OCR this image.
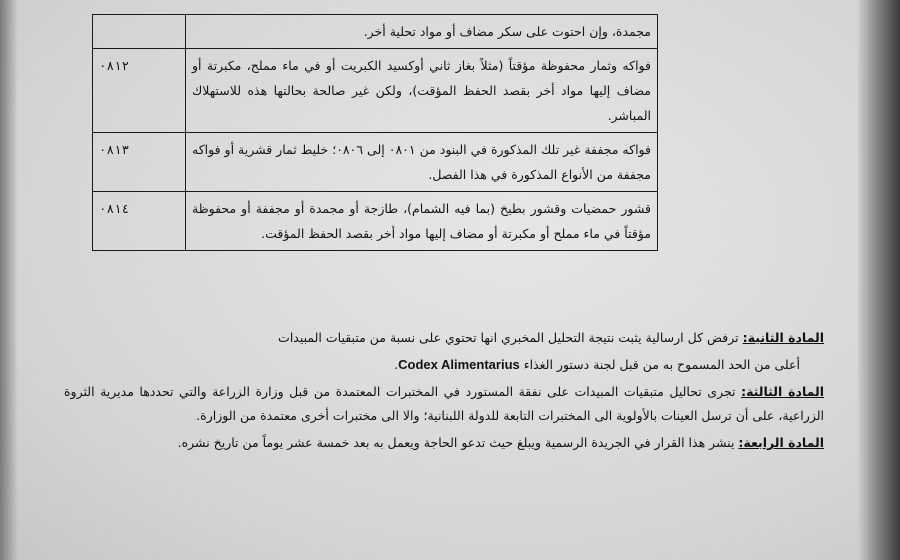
مجمدة، وإن احتوت على سكر مضاف أو مواد تحلية أخر.	
فواكه وثمار محفوظة مؤقتاً (مثلاً بغاز ثاني أوكسيد الكبريت أو في ماء مملح، مكبرتة أو مضاف إليها مواد أخر بقصد الحفظ المؤقت)، ولكن غير صالحة بحالتها هذه للاستهلاك المباشر.	٠٨١٢
فواكه مجففة غير تلك المذكورة في البنود من ٠٨٠١ إلى ٠٨٠٦؛ خليط ثمار قشرية أو فواكه مجففة من الأنواع المذكورة في هذا الفصل.	٠٨١٣
قشور حمضيات وقشور بطيخ (بما فيه الشمام)، طازجة أو مجمدة أو مجففة أو محفوظة مؤقتاً في ماء مملح أو مكبرتة أو مضاف إليها مواد أخر بقصد الحفظ المؤقت.	٠٨١٤

المادة الثانية: ترفض كل ارسالية يثبت نتيجة التحليل المخبري انها تحتوي على نسبة من متبقيات المبيدات

أعلى من الحد المسموح به من قبل لجنة دستور الغذاء Codex Alimentarius.

المادة الثالثة: تجرى تحاليل متبقيات المبيدات على نفقة المستورد في المختبرات المعتمدة من قبل وزارة الزراعة والتي تحددها مديرية الثروة الزراعية، على أن ترسل العينات بالأولوية الى المختبرات التابعة للدولة اللبنانية؛ والا الى مختبرات أخرى معتمدة من الوزارة.

المادة الرابعة: ينشر هذا القرار في الجريدة الرسمية ويبلغ حيث تدعو الحاجة ويعمل به بعد خمسة عشر يوماً من تاريخ نشره.
